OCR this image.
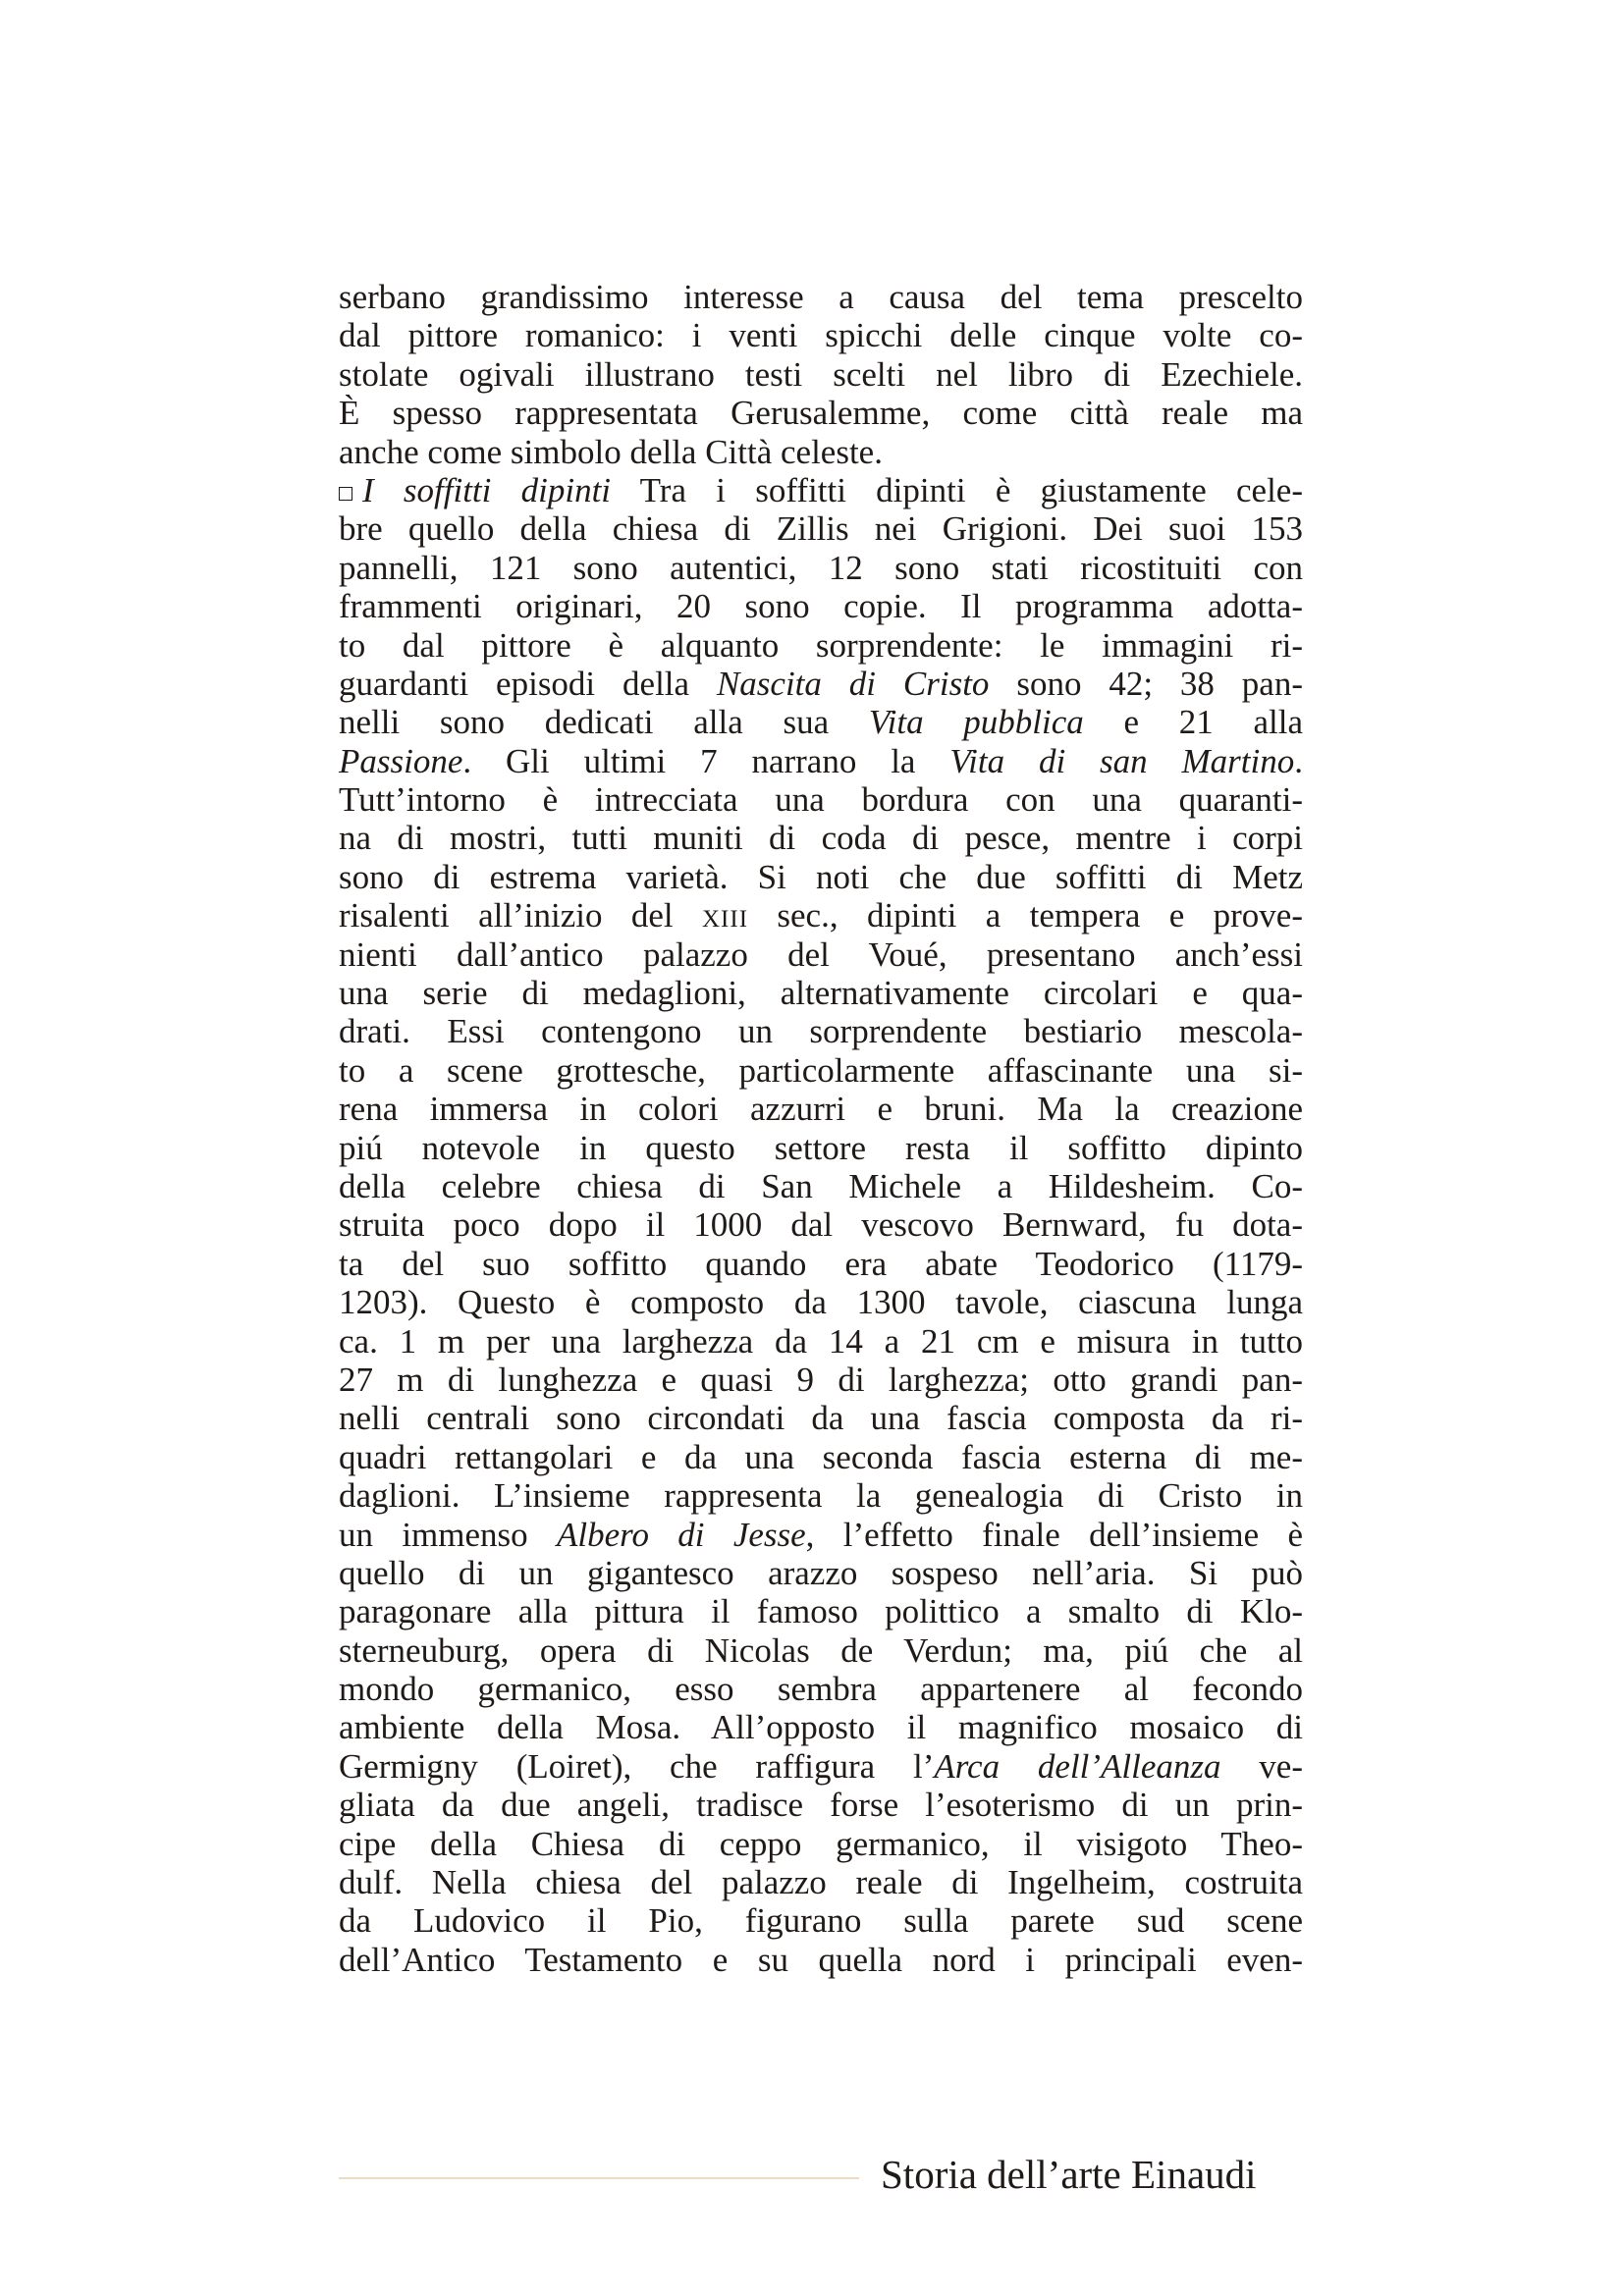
serbano grandissimo interesse a causa del tema prescelto
dal pittore romanico: i venti spicchi delle cinque volte co-
stolate ogivali illustrano testi scelti nel libro di Ezechiele.
È spesso rappresentata Gerusalemme, come città reale ma
anche come simbolo della Città celeste.
I soffitti dipinti Tra i soffitti dipinti è giustamente cele-
bre quello della chiesa di Zillis nei Grigioni. Dei suoi 153
pannelli, 121 sono autentici, 12 sono stati ricostituiti con
frammenti originari, 20 sono copie. Il programma adotta-
to dal pittore è alquanto sorprendente: le immagini ri-
guardanti episodi della Nascita di Cristo sono 42; 38 pan-
nelli sono dedicati alla sua Vita pubblica e 21 alla
Passione. Gli ultimi 7 narrano la Vita di san Martino.
Tutt’intorno è intrecciata una bordura con una quaranti-
na di mostri, tutti muniti di coda di pesce, mentre i corpi
sono di estrema varietà. Si noti che due soffitti di Metz
risalenti all’inizio del xiii sec., dipinti a tempera e prove-
nienti dall’antico palazzo del Voué, presentano anch’essi
una serie di medaglioni, alternativamente circolari e qua-
drati. Essi contengono un sorprendente bestiario mescola-
to a scene grottesche, particolarmente affascinante una si-
rena immersa in colori azzurri e bruni. Ma la creazione
piú notevole in questo settore resta il soffitto dipinto
della celebre chiesa di San Michele a Hildesheim. Co-
struita poco dopo il 1000 dal vescovo Bernward, fu dota-
ta del suo soffitto quando era abate Teodorico (1179-
1203). Questo è composto da 1300 tavole, ciascuna lunga
ca. 1 m per una larghezza da 14 a 21 cm e misura in tutto
27 m di lunghezza e quasi 9 di larghezza; otto grandi pan-
nelli centrali sono circondati da una fascia composta da ri-
quadri rettangolari e da una seconda fascia esterna di me-
daglioni. L’insieme rappresenta la genealogia di Cristo in
un immenso Albero di Jesse, l’effetto finale dell’insieme è
quello di un gigantesco arazzo sospeso nell’aria. Si può
paragonare alla pittura il famoso polittico a smalto di Klo-
sterneuburg, opera di Nicolas de Verdun; ma, piú che al
mondo germanico, esso sembra appartenere al fecondo
ambiente della Mosa. All’opposto il magnifico mosaico di
Germigny (Loiret), che raffigura l’Arca dell’Alleanza ve-
gliata da due angeli, tradisce forse l’esoterismo di un prin-
cipe della Chiesa di ceppo germanico, il visigoto Theo-
dulf. Nella chiesa del palazzo reale di Ingelheim, costruita
da Ludovico il Pio, figurano sulla parete sud scene
dell’Antico Testamento e su quella nord i principali even-
Storia dell’arte Einaudi
